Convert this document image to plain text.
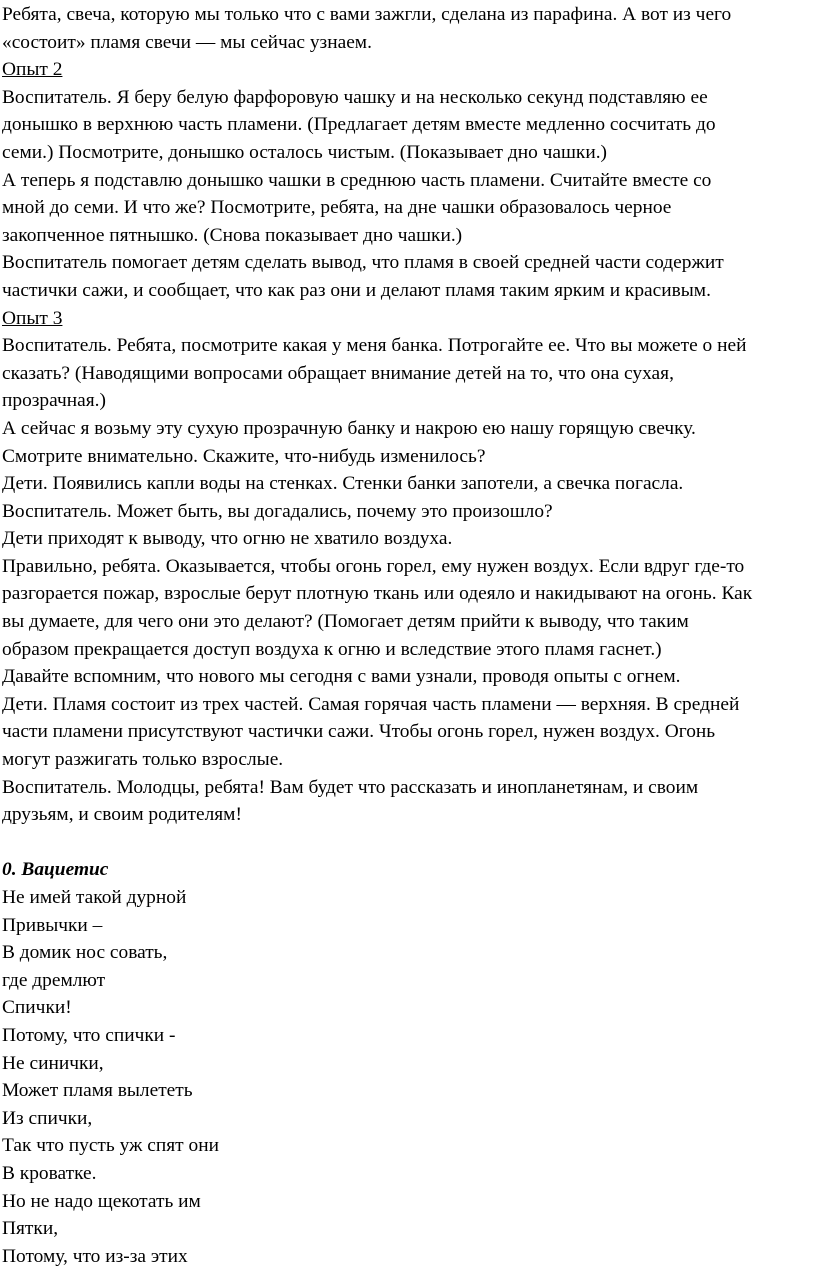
Ребята, свеча, которую мы только что с вами зажгли, сделана из парафина. А вот из чего
«состоит» пламя свечи — мы сейчас узнаем.
Опыт 2
Воспитатель. Я беру белую фарфоровую чашку и на несколько секунд подставляю ее
донышко в верхнюю часть пламени. (Предлагает детям вместе медленно сосчитать до
семи.) Посмотрите, донышко осталось чистым. (Показывает дно чашки.)
А теперь я подставлю донышко чашки в среднюю часть пламени. Считайте вместе со
мной до семи. И что же? Посмотрите, ребята, на дне чашки образовалось черное
закопченное пятнышко. (Снова показывает дно чашки.)
Воспитатель помогает детям сделать вывод, что пламя в своей средней части содержит
частички сажи, и сообщает, что как раз они и делают пламя таким ярким и красивым.
Опыт 3
Воспитатель. Ребята, посмотрите какая у меня банка. Потрогайте ее. Что вы можете о ней
сказать? (Наводящими вопросами обращает внимание детей на то, что она сухая,
прозрачная.)
А сейчас я возьму эту сухую прозрачную банку и накрою ею нашу горящую свечку.
Смотрите внимательно. Скажите, что-нибудь изменилось?
Дети. Появились капли воды на стенках. Стенки банки запотели, а свечка погасла.
Воспитатель. Может быть, вы догадались, почему это произошло?
Дети приходят к выводу, что огню не хватило воздуха.
Правильно, ребята. Оказывается, чтобы огонь горел, ему нужен воздух. Если вдруг где-то
разгорается пожар, взрослые берут плотную ткань или одеяло и накидывают на огонь. Как
вы думаете, для чего они это делают? (Помогает детям прийти к выводу, что таким
образом прекращается доступ воздуха к огню и вследствие этого пламя гаснет.)
Давайте вспомним, что нового мы сегодня с вами узнали, проводя опыты с огнем.
Дети. Пламя состоит из трех частей. Самая горячая часть пламени — верхняя. В средней
части пламени присутствуют частички сажи. Чтобы огонь горел, нужен воздух. Огонь
могут разжигать только взрослые.
Воспитатель. Молодцы, ребята! Вам будет что рассказать и инопланетянам, и своим
друзьям, и своим родителям!
0. Вациетис
Не имей такой дурной
Привычки –
В домик нос совать,
где дремлют
Спички!
Потому, что спички -
Не синички,
Может пламя вылететь
Из спички,
Так что пусть уж спят они
В кроватке.
Но не надо щекотать им
Пятки,
Потому, что из-за этих
